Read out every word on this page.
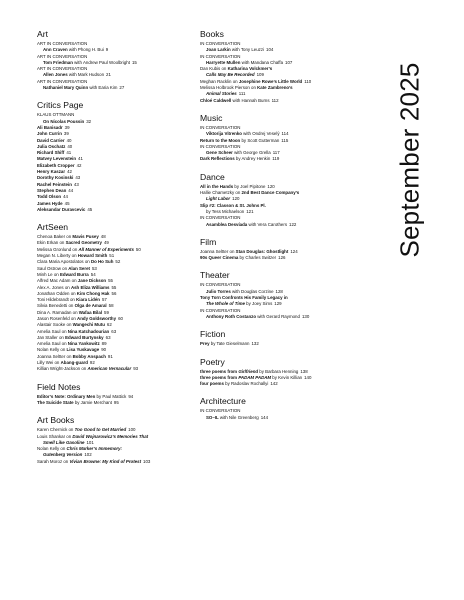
Art
ART IN CONVERSATION
Ann Craven with Phong H. Bui 9
ART IN CONVERSATION
Tom Friedman with Andrew Paul Woolbright 15
ART IN CONVERSATION
Allen Jones with Mark Hudson 21
ART IN CONVERSATION
Nathaniel Mary Quinn with Earia Kim 27
Critics Page
KLAUS OTTMANN
On Nicolas Poussin 32
Ali Banisadr 39
John Currin 39
David Carrier 40
Julia Oschatz 40
Richard Shiff 41
Matvey Levenstein 41
Elizabeth Cropper 42
Henry Kaszar 42
Dorothy Kosinski 43
Rachel Feinstein 43
Stephen Dean 44
Todd Olson 44
James Hyde 45
Aleksandar Duravcevic 45
ArtSeen
Chenoa Baker on Mavis Pusey 48
Ekin Erkan on Sacred Geometry 49
Melissa Gronlund on All Manner of Experiments 50
Megan N. Liberty on Howard Smith 51
Clara Maria Apostolatos on Do Ho Suh 52
Saul Ostrow on Alan Seret 53
Minh Le on Edward Burra 54
Alfred Mac Adam on Jane Dickson 55
Alex A. Jones on Ash Eliza Williams 55
Jonathan Odden on Kim Chong Hak 56
Toni Hildebrandt on Kiara Lidén 57
Silvia Benedetti on Olga de Amaral 58
Dina A. Ramadan on Wafaa Bilal 59
Jason Rosenfeld on Andy Goldsworthy 60
Alastair Sooke on Wangechi Mutu 62
Amelia Saul on Nina Katchadourian 63
Jan Staller on Edward Burtynsky 63
Amelia Saul on Nina Yankowitz 89
Nolan Kelly on Lisa Yuskavage 90
Joanna Seltter on Bobby Anspach 91
Lilly Wei on Abang-guard 92
Killian Wright-Jackson on American Vernacular 93
Field Notes
Editor’s Note: Ordinary Men by Paul Mattick 94
The Suicide State by Jamie Merchant 95
Art Books
Karen Chernick on Too Good to Get Married 100
Louis Shankar on David Wojnarowicz’s Memories That
Smell Like Gasoline 101
Nolan Kelly on Chris Marker’s Immemory:
Gutenberg Version 102
Sarah Moroz on Vivian Browne: My Kind of Protest 103
Books
IN CONVERSATION
Joan Larkin with Tony Leuzzi 104
IN CONVERSATION
Harryette Mullen with Mandana Chaffa 107
Dan Kubis on Katharina Volckmer’s
Calls May Be Recorded 109
Meghan Racklin on Josephine Rowe’s Little World 110
Melissa Holbrook Pierson on Kate Zambreno’s
Animal Stories 111
Chloé Caldwell with Hannah Burns 112
Music
IN CONVERSATION
Viktorija Vitrenko with Ondrej Veselý 114
Return to the Moon by Scott Gutterman 115
IN CONVERSATION
Gene Scheer with George Grella 117
Dark Reflections by Andrey Henkin 119
Dance
All in the Hands by Joel Pipitone 120
Hallie Chametzky on 2nd Best Dance Company’s
Light Labor 120
Slip #2: Classon & St. Johns Pl.
by Tess Michaelson 121
IN CONVERSATION
Asamblea Desvíada with Vera Carothers 122
Film
Joanna Seltter on Stan Douglas: Ghostlight 124
90s Queer Cinema by Charles Switzer 126
Theater
IN CONVERSATION
Julio Torres with Douglas Corzine 128
Tony Torn Confronts His Family Legacy in
The Whole of Time by Joey Sims 129
IN CONVERSATION
Anthony Roth Costanzo with Gerard Raymond 130
Fiction
Prey by Tate Gieselmann 132
Poetry
three poems from Girlfriend by Barbara Henning 138
three poems from PADAM PADAM by Kevin Killian 140
four poems by Radoslav Rochallyi 142
Architecture
IN CONVERSATION
SO–IL with Nile Greenberg 144
September 2025
